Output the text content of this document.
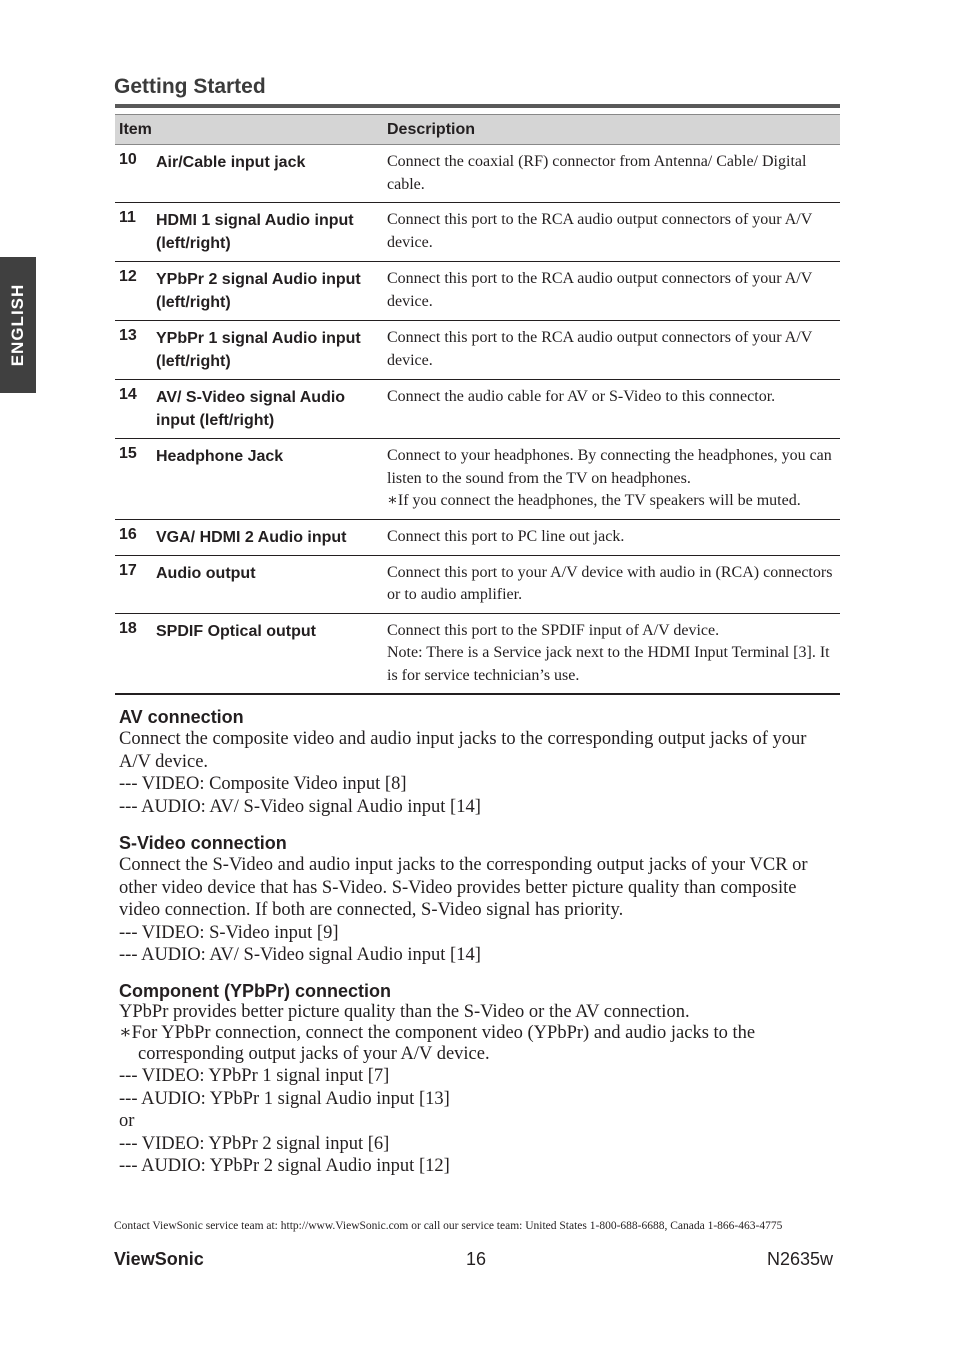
ENGLISH
Getting Started
Item		Description
10	Air/Cable input jack	Connect the coaxial (RF) connector from Antenna/ Cable/ Digital cable.

11	HDMI 1 signal Audio input (left/right)	Connect this port to the RCA audio output connectors of your A/V device.

12	YPbPr 2 signal Audio input (left/right)	Connect this port to the RCA audio output connectors of your A/V device.

13	YPbPr 1 signal Audio input (left/right)	Connect this port to the RCA audio output connectors of your A/V device.

14	AV/ S-Video signal Audio input (left/right)	Connect the audio cable for AV or S-Video to this connector.

15	Headphone Jack	Connect to your headphones. By connecting the headphones, you can listen to the sound from the TV on headphones.
∗If you connect the headphones, the TV speakers will be muted.

16	VGA/ HDMI 2 Audio input	Connect this port to PC line out jack.

17	Audio output	Connect this port to your A/V device with audio in (RCA) connectors or to audio amplifier.

18	SPDIF Optical output	Connect this port to the SPDIF input of A/V device.
Note: There is a Service jack next to the HDMI Input Terminal [3]. It is for service technician’s use.

AV connection

Connect the composite video and audio input jacks to the corresponding output jacks of your A/V device.

--- VIDEO: Composite Video input [8]

--- AUDIO: AV/ S-Video signal Audio input [14]

S-Video connection

Connect the S-Video and audio input jacks to the corresponding output jacks of your VCR or other video device that has S-Video. S-Video provides better picture quality than composite video connection. If both are connected, S-Video signal has priority.

--- VIDEO: S-Video input [9]

--- AUDIO: AV/ S-Video signal Audio input [14]

Component (YPbPr) connection

YPbPr provides better picture quality than the S-Video or the AV connection.

∗For YPbPr connection, connect the component video (YPbPr) and audio jacks to the corresponding output jacks of your A/V device.

--- VIDEO: YPbPr 1 signal input [7]

--- AUDIO: YPbPr 1 signal Audio input [13]

or

--- VIDEO: YPbPr 2 signal input [6]

--- AUDIO: YPbPr 2 signal Audio input [12]

Contact ViewSonic service team at: http://www.ViewSonic.com or call our service team: United States 1-800-688-6688, Canada 1-866-463-4775
ViewSonic	16	N2635w
